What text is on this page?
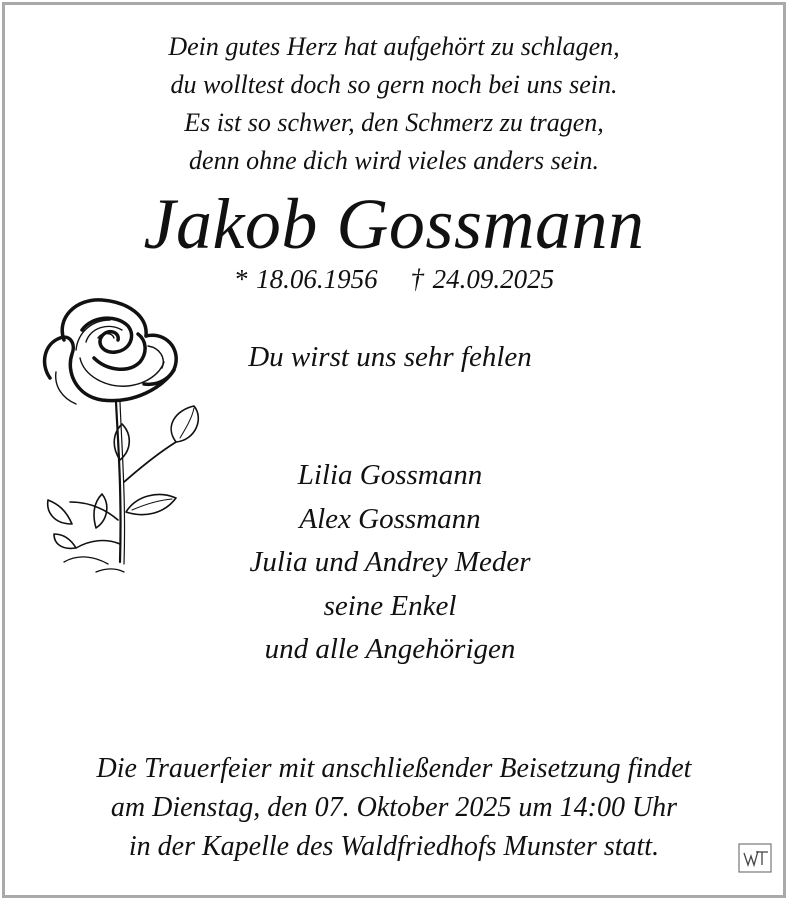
Dein gutes Herz hat aufgehört zu schlagen,
du wolltest doch so gern noch bei uns sein.
Es ist so schwer, den Schmerz zu tragen,
denn ohne dich wird vieles anders sein.
Jakob Gossmann
* 18.06.1956 † 24.09.2025
Du wirst uns sehr fehlen
Lilia Gossmann
Alex Gossmann
Julia und Andrey Meder
seine Enkel
und alle Angehörigen
Die Trauerfeier mit anschließender Beisetzung findet
am Dienstag, den 07. Oktober 2025 um 14:00 Uhr
in der Kapelle des Waldfriedhofs Munster statt.
